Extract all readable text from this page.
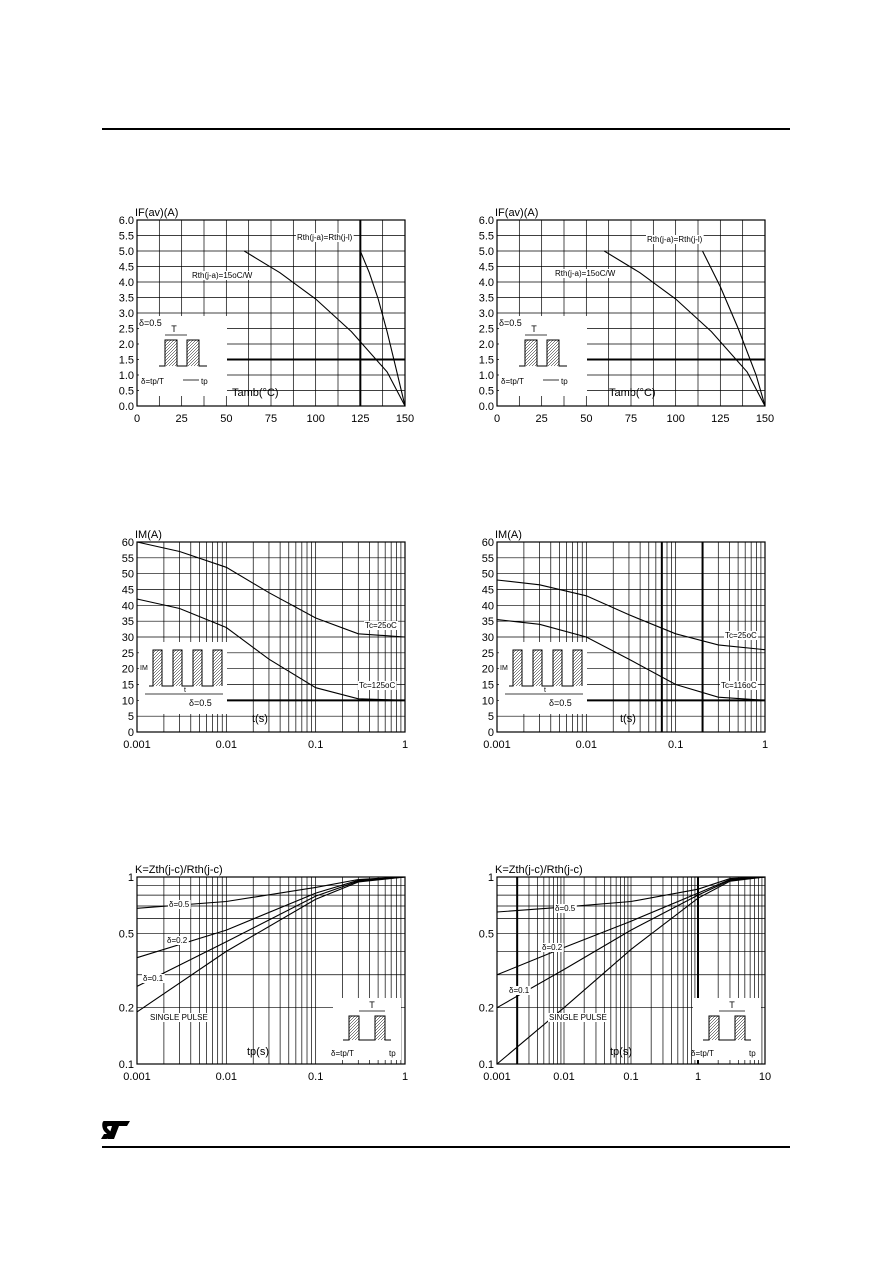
0	25	50	75	100 125 150
0.0
0.5
1.0
1.5
2.0
2.5
3.0
3.5
4.0
4.5
5.0
5.5
6.0
IF(av)(A)
Tamb(°C)
T
δ=0.5
δ=tp/T	tp
Rth(j-a)=15oC/W
Rth(j-a)=Rth(j-l)
0	25	50	75	100 125 150
0.0
0.5
1.0
1.5
2.0
2.5
3.0
3.5
4.0
4.5
5.0
5.5
6.0
IF(av)(A)
Tamb(°C)
T
δ=0.5
δ=tp/T	tp
Rth(j-a)=15oC/W
Rth(j-a)=Rth(j-l)
0.001	0.01	0.1	1
0
5
10
15
20
25
30
35
40
45
50
55
60
IM(A)
t(s)
IM
t
δ=0.5
Tc=25oC
Tc=125oC
0.001	0.01	0.1	1
0
5
10
15
20
25
30
35
40
45
50
55
60
IM(A)
t(s)
IM
t
δ=0.5
Tc=25oC
Tc=116oC
0.001	0.01	0.1	1
0.1
0.2
0.5
1
K=Zth(j-c)/Rth(j-c)
tp(s)
T
δ=tp/T	tp
δ=0.5
δ=0.2
δ=0.1
SINGLE PULSE
0.001	0.01	0.1	1	10
0.1
0.2
0.5
1
K=Zth(j-c)/Rth(j-c)
tp(s)
T
δ=tp/T	tp
δ=0.5
δ=0.2
δ=0.1
SINGLE PULSE
